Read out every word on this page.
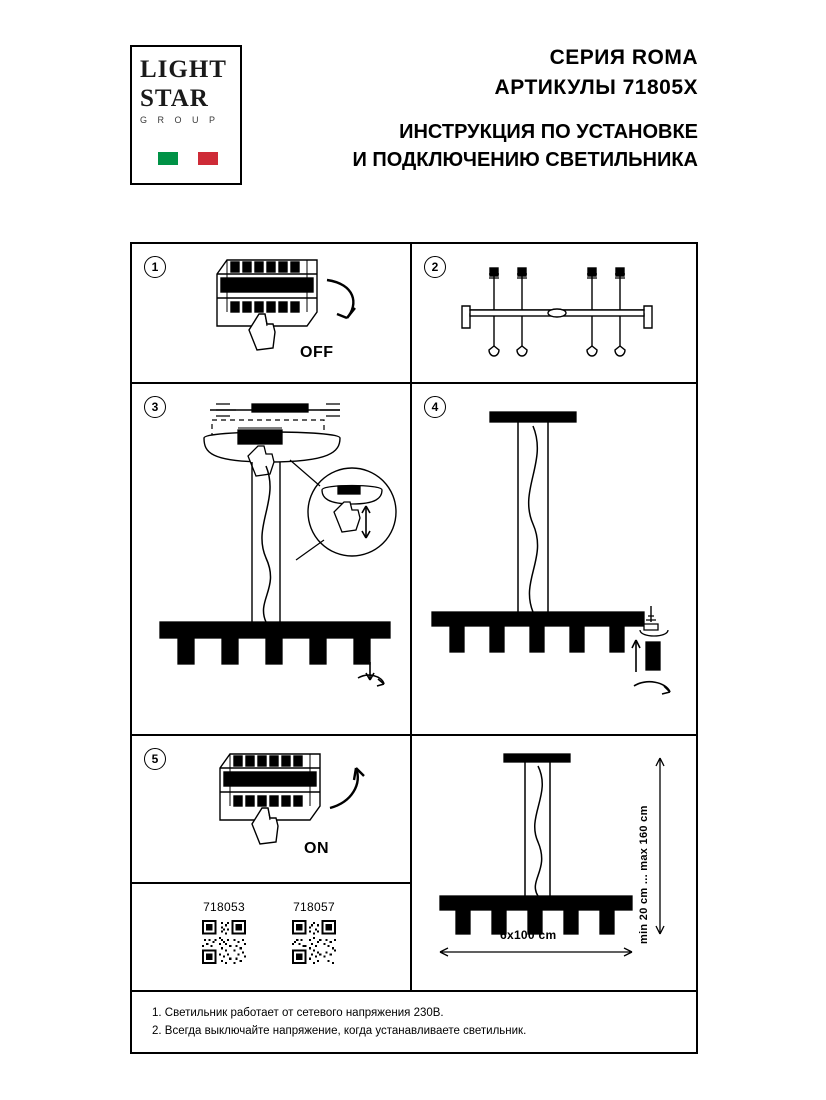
LIGHT
STAR
G R O U P
СЕРИЯ ROMA
АРТИКУЛЫ 71805X
ИНСТРУКЦИЯ ПО УСТАНОВКЕ
И ПОДКЛЮЧЕНИЮ СВЕТИЛЬНИКА
1
OFF
2
3	4
5
ON
718053	718057	min 20 cm ... max 160 cm
6x100 cm
1. Светильник работает от сетевого напряжения 230В.
2. Всегда выключайте напряжение, когда устанавливаете светильник.
